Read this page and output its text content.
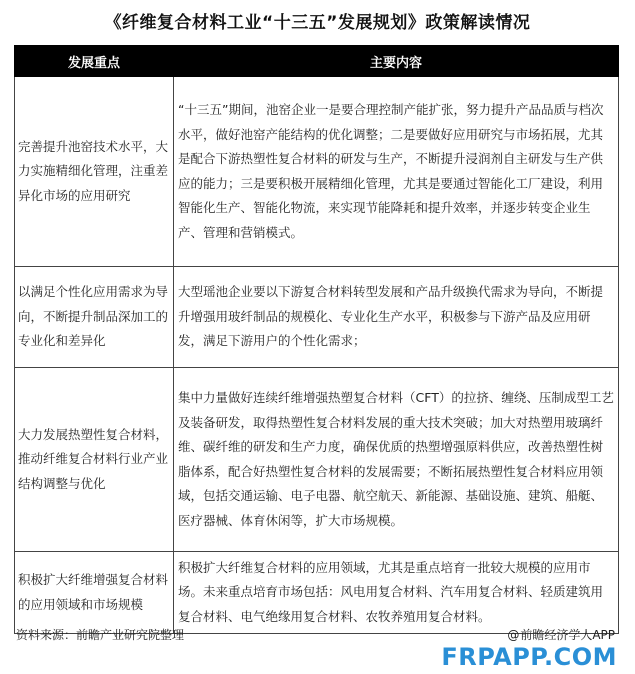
《纤维复合材料工业“十三五”发展规划》政策解读情况
发展重点	主要内容
完善提升池窑技术水平，大力实施精细化管理，注重差异化市场的应用研究	“十三五”期间，池窑企业一是要合理控制产能扩张，努力提升产品品质与档次水平，做好池窑产能结构的优化调整；二是要做好应用研究与市场拓展，尤其是配合下游热塑性复合材料的研发与生产，不断提升浸润剂自主研发与生产供应的能力；三是要积极开展精细化管理，尤其是要通过智能化工厂建设，利用智能化生产、智能化物流，来实现节能降耗和提升效率，并逐步转变企业生产、管理和营销模式。
以满足个性化应用需求为导向，不断提升制品深加工的专业化和差异化	大型瑶池企业要以下游复合材料转型发展和产品升级换代需求为导向，不断提升增强用玻纤制品的规模化、专业化生产水平，积极参与下游产品及应用研发，满足下游用户的个性化需求；
大力发展热塑性复合材料，推动纤维复合材料行业产业结构调整与优化	集中力量做好连续纤维增强热塑复合材料（CFT）的拉挤、缠绕、压制成型工艺及装备研发，取得热塑性复合材料发展的重大技术突破；加大对热塑用玻璃纤维、碳纤维的研发和生产力度，确保优质的热塑增强原料供应，改善热塑性树脂体系，配合好热塑性复合材料的发展需要；不断拓展热塑性复合材料应用领域，包括交通运输、电子电器、航空航天、新能源、基础设施、建筑、船艇、医疗器械、体育休闲等，扩大市场规模。
积极扩大纤维增强复合材料的应用领域和市场规模	积极扩大纤维复合材料的应用领域，尤其是重点培育一批较大规模的应用市场。未来重点培育市场包括：风电用复合材料、汽车用复合材料、轻质建筑用复合材料、电气绝缘用复合材料、农牧养殖用复合材料。
资料来源：前瞻产业研究院整理	@前瞻经济学人APP
FRPAPP.COM
